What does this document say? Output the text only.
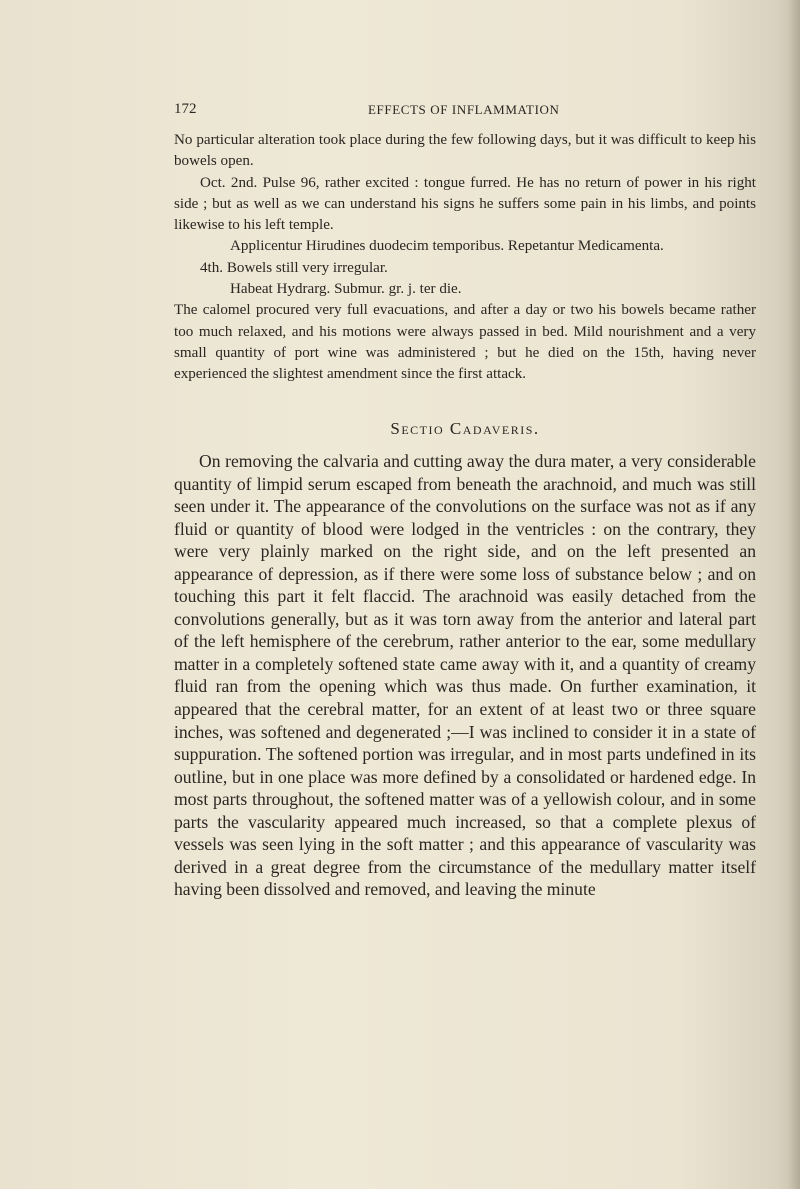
172	EFFECTS OF INFLAMMATION

No particular alteration took place during the few following days, but it was difficult to keep his bowels open.

Oct. 2nd. Pulse 96, rather excited : tongue furred. He has no return of power in his right side ; but as well as we can understand his signs he suffers some pain in his limbs, and points likewise to his left temple.

Applicentur Hirudines duodecim temporibus. Repetantur Medicamenta.

4th. Bowels still very irregular.

Habeat Hydrarg. Submur. gr. j. ter die.

The calomel procured very full evacuations, and after a day or two his bowels became rather too much relaxed, and his motions were always passed in bed. Mild nourishment and a very small quantity of port wine was administered ; but he died on the 15th, having never experienced the slightest amendment since the first attack.

Sectio Cadaveris.

On removing the calvaria and cutting away the dura mater, a very considerable quantity of limpid serum escaped from beneath the arachnoid, and much was still seen under it. The appearance of the convolutions on the surface was not as if any fluid or quantity of blood were lodged in the ventricles : on the contrary, they were very plainly marked on the right side, and on the left presented an appearance of depression, as if there were some loss of substance below ; and on touching this part it felt flaccid. The arachnoid was easily detached from the convolutions generally, but as it was torn away from the anterior and lateral part of the left hemisphere of the cerebrum, rather anterior to the ear, some medullary matter in a completely softened state came away with it, and a quantity of creamy fluid ran from the opening which was thus made. On further examination, it appeared that the cerebral matter, for an extent of at least two or three square inches, was softened and degenerated ;—I was inclined to consider it in a state of suppuration. The softened portion was irregular, and in most parts undefined in its outline, but in one place was more defined by a consolidated or hardened edge. In most parts throughout, the softened matter was of a yellowish colour, and in some parts the vascularity appeared much increased, so that a complete plexus of vessels was seen lying in the soft matter ; and this appearance of vascularity was derived in a great degree from the circumstance of the medullary matter itself having been dissolved and removed, and leaving the minute
